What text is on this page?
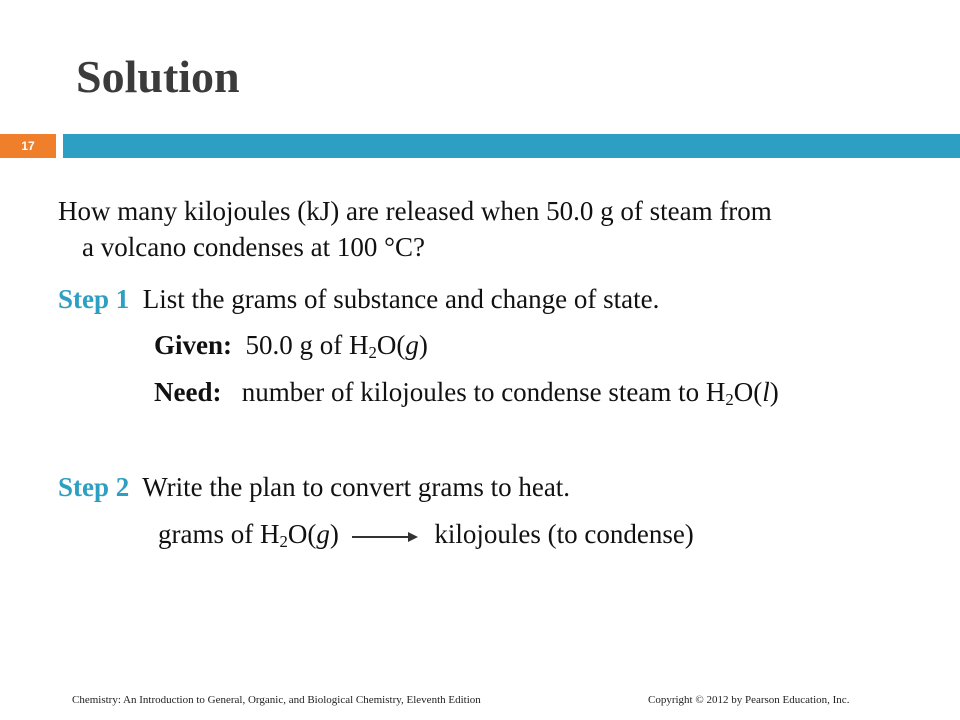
Solution
17
How many kilojoules (kJ) are released when 50.0 g of steam from
a volcano condenses at 100 °C?
Step 1 List the grams of substance and change of state.
Given: 50.0 g of $H_2O(g)$
Need: number of kilojoules to condense steam to $H_2O(l)$
Step 2 Write the plan to convert grams to heat.
grams of $H_2O(g)$	kilojoules (to condense)
Chemistry: An Introduction to General, Organic, and Biological Chemistry, Eleventh Edition	Copyright © 2012 by Pearson Education, Inc.
